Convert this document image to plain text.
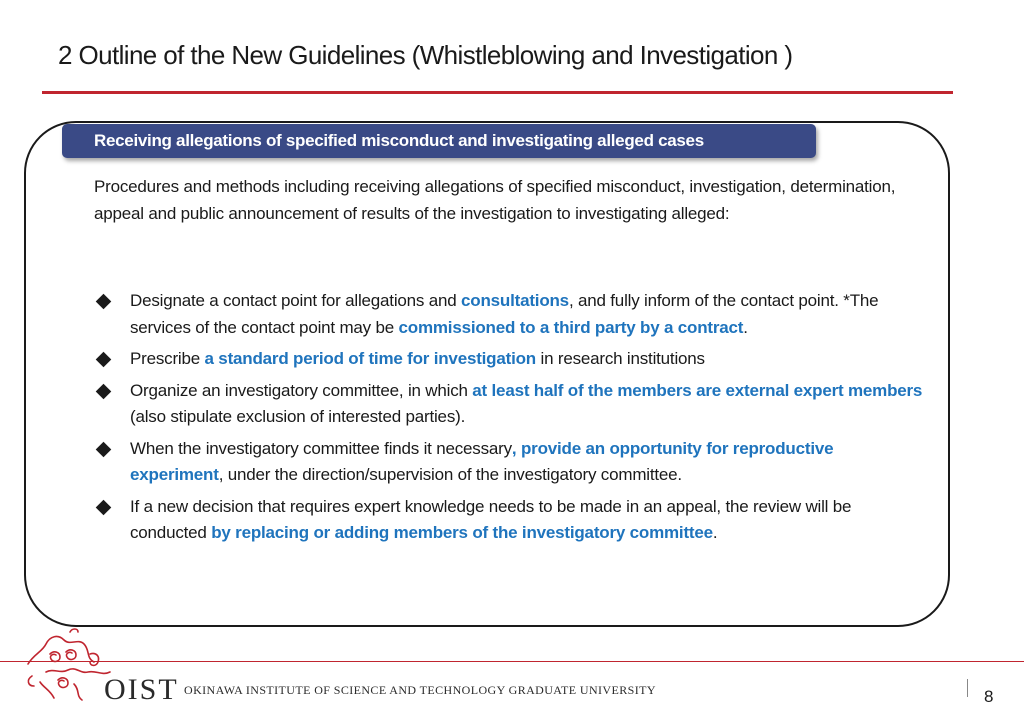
2 Outline of the New Guidelines (Whistleblowing and Investigation )
Receiving allegations of specified misconduct and investigating alleged cases
Procedures and methods including receiving allegations of specified misconduct, investigation, determination, appeal and public announcement of results of the investigation to investigating alleged:
Designate a contact point for allegations and consultations, and fully inform of the contact point. *The services of the contact point may be commissioned to a third party by a contract.
Prescribe a standard period of time for investigation in research institutions
Organize an investigatory committee, in which at least half of the members are external expert members (also stipulate exclusion of interested parties).
When the investigatory committee finds it necessary, provide an opportunity for reproductive experiment, under the direction/supervision of the investigatory committee.
If a new decision that requires expert knowledge needs to be made in an appeal, the review will be conducted by replacing or adding members of the investigatory committee.
OIST OKINAWA INSTITUTE OF SCIENCE AND TECHNOLOGY GRADUATE UNIVERSITY	8
